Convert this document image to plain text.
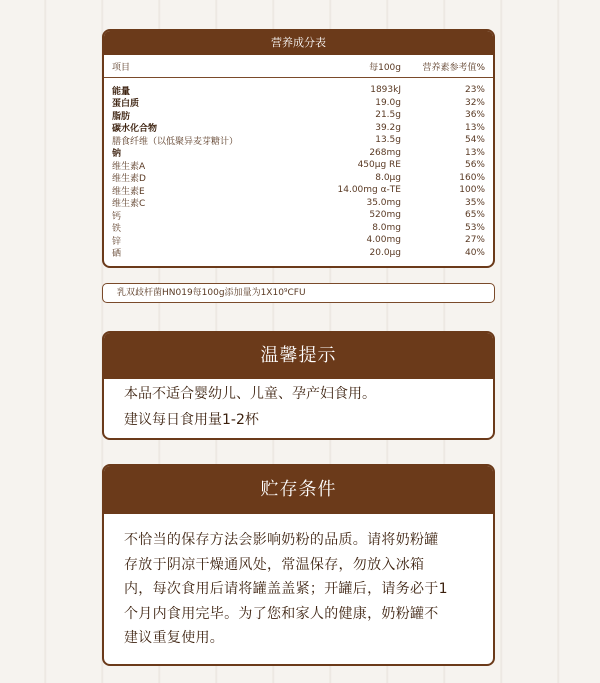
营养成分表
项目	每100g	营养素参考值%
能量	1893kJ	23%
蛋白质	19.0g	32%
脂肪	21.5g	36%
碳水化合物	39.2g	13%
膳食纤维（以低聚异麦芽糖计）	13.5g	54%
钠	268mg	13%
维生素A	450μg RE	56%
维生素D	8.0μg	160%
维生素E	14.00mg α-TE	100%
维生素C	35.0mg	35%
钙	520mg	65%
铁	8.0mg	53%
锌	4.00mg	27%
硒	20.0μg	40%
乳双歧杆菌HN019每100g添加量为1X10⁹CFU
温馨提示

本品不适合婴幼儿、儿童、孕产妇食用。

建议每日食用量1-2杯

贮存条件

不恰当的保存方法会影响奶粉的品质。请将奶粉罐

存放于阴凉干燥通风处，常温保存，勿放入冰箱

内，每次食用后请将罐盖盖紧；开罐后，请务必于1

个月内食用完毕。为了您和家人的健康，奶粉罐不

建议重复使用。
